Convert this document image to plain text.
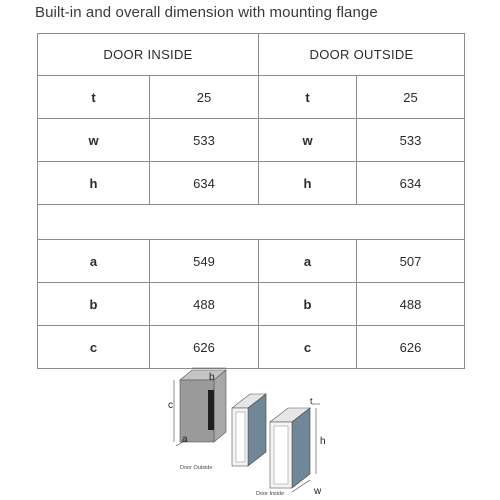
Built-in and overall dimension with mounting flange
DOOR INSIDE		DOOR OUTSIDE	
t	25	t	25
w	533	w	533
h	634	h	634

a	549	a	507
b	488	b	488
c	626	c	626
b
c
a
Door Outside
t
h
w
Door Inside
